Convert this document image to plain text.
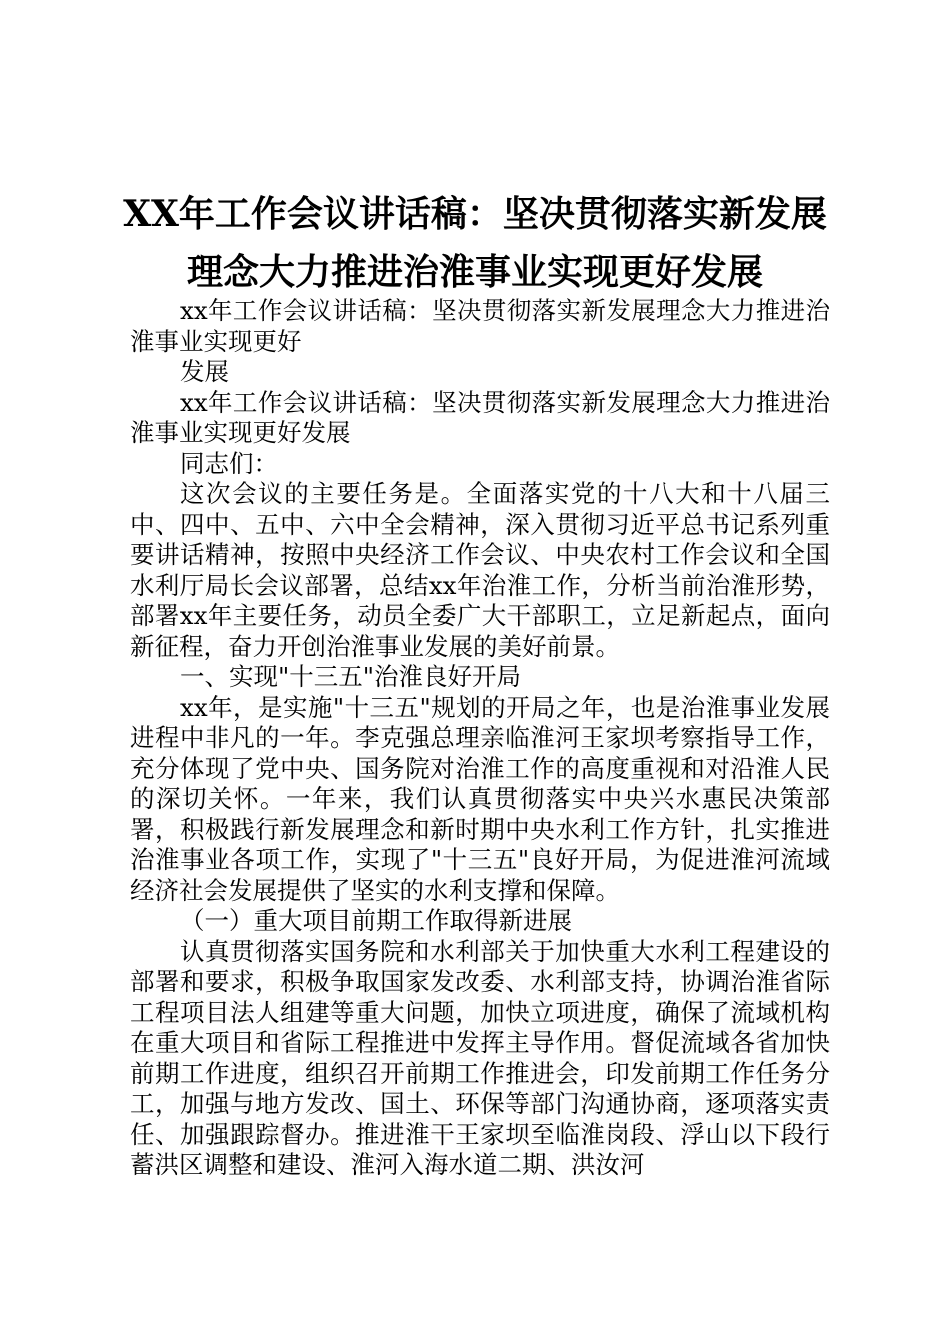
XX年工作会议讲话稿：坚决贯彻落实新发展
理念大力推进治淮事业实现更好发展

xx年工作会议讲话稿：坚决贯彻落实新发展理念大力推进治淮事业实现更好

发展

xx年工作会议讲话稿：坚决贯彻落实新发展理念大力推进治淮事业实现更好发展

同志们：

这次会议的主要任务是。全面落实党的十八大和十八届三中、四中、五中、六中全会精神，深入贯彻习近平总书记系列重要讲话精神，按照中央经济工作会议、中央农村工作会议和全国水利厅局长会议部署，总结xx年治淮工作，分析当前治淮形势，部署xx年主要任务，动员全委广大干部职工，立足新起点，面向新征程，奋力开创治淮事业发展的美好前景。

一、实现"十三五"治淮良好开局

xx年，是实施"十三五"规划的开局之年，也是治淮事业发展进程中非凡的一年。李克强总理亲临淮河王家坝考察指导工作，充分体现了党中央、国务院对治淮工作的高度重视和对沿淮人民的深切关怀。一年来，我们认真贯彻落实中央兴水惠民决策部署，积极践行新发展理念和新时期中央水利工作方针，扎实推进治淮事业各项工作，实现了"十三五"良好开局，为促进淮河流域经济社会发展提供了坚实的水利支撑和保障。

（一）重大项目前期工作取得新进展

认真贯彻落实国务院和水利部关于加快重大水利工程建设的部署和要求，积极争取国家发改委、水利部支持，协调治淮省际工程项目法人组建等重大问题，加快立项进度，确保了流域机构在重大项目和省际工程推进中发挥主导作用。督促流域各省加快前期工作进度，组织召开前期工作推进会，印发前期工作任务分工，加强与地方发改、国土、环保等部门沟通协商，逐项落实责任、加强跟踪督办。推进淮干王家坝至临淮岗段、浮山以下段行蓄洪区调整和建设、淮河入海水道二期、洪汝河
